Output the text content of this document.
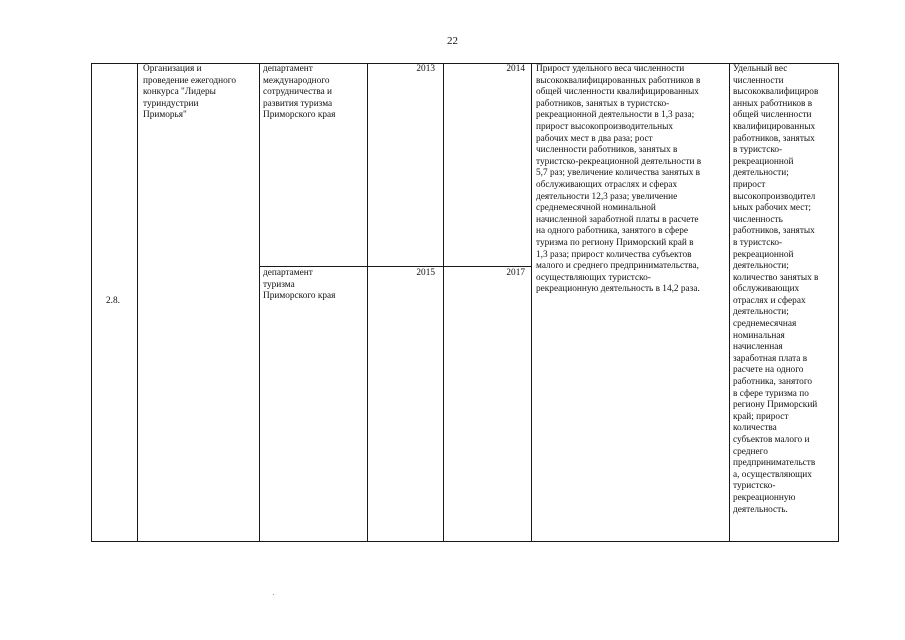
22
2.8.
Организация и
проведение ежегодного
конкурса "Лидеры
туриндустрии
Приморья"
департамент
международного
сотрудничества и
развития туризма
Приморского края
2013	2014
департамент
туризма
Приморского края
2015	2017
Прирост удельного веса численности
высококвалифицированных работников в
общей численности квалифицированных
работников, занятых в туристско-
рекреационной деятельности в 1,3 раза;
прирост высокопроизводительных
рабочих мест в два раза; рост
численности работников, занятых в
туристско-рекреационной деятельности в
5,7 раз; увеличение количества занятых в
обслуживающих отраслях и сферах
деятельности 12,3 раза; увеличение
среднемесячной номинальной
начисленной заработной платы в расчете
на одного работника, занятого в сфере
туризма по региону Приморский край в
1,3 раза; прирост количества субъектов
малого и среднего предпринимательства,
осуществляющих туристско-
рекреационную деятельность в 14,2 раза.
Удельный вес
численности
высококвалифициров
анных работников в
общей численности
квалифицированных
работников, занятых
в туристско-
рекреационной
деятельности;
прирост
высокопроизводител
ьных рабочих мест;
численность
работников, занятых
в туристско-
рекреационной
деятельности;
количество занятых в
обслуживающих
отраслях и сферах
деятельности;
среднемесячная
номинальная
начисленная
заработная плата в
расчете на одного
работника, занятого
в сфере туризма по
региону Приморский
край; прирост
количества
субъектов малого и
среднего
предпринимательств
а, осуществляющих
туристско-
рекреационную
деятельность.
